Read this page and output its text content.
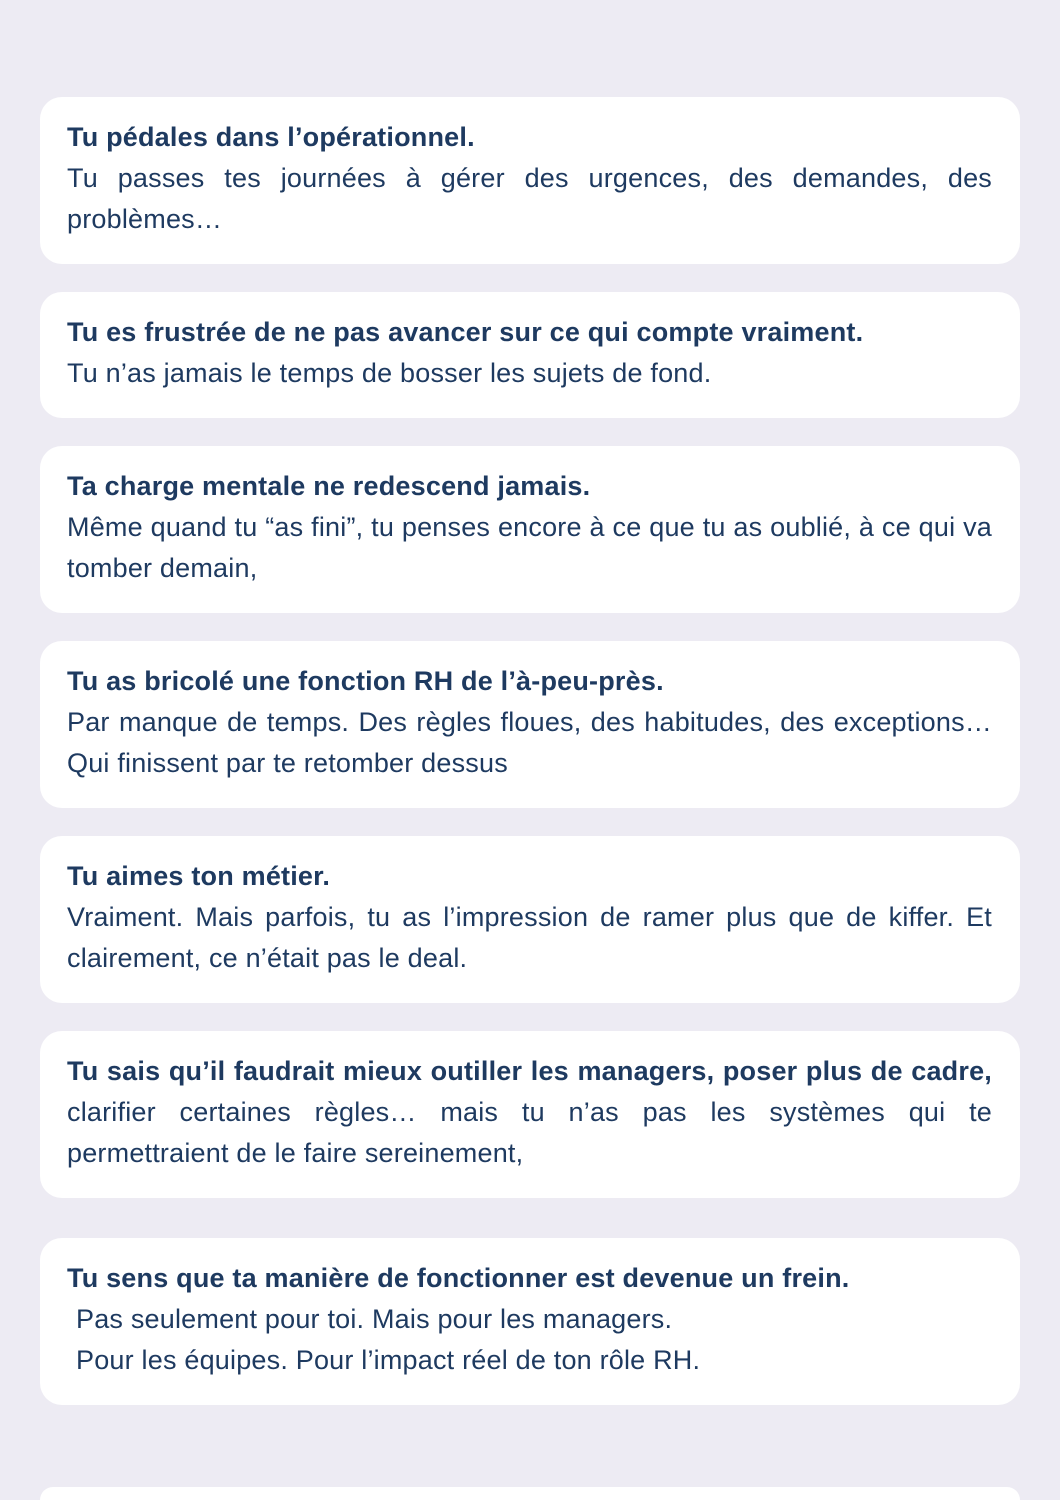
Tu pédales dans l’opérationnel.

Tu passes tes journées à gérer des urgences, des demandes, des problèmes…

Tu es frustrée de ne pas avancer sur ce qui compte vraiment.

Tu n’as jamais le temps de bosser les sujets de fond.

Ta charge mentale ne redescend jamais.

Même quand tu “as fini”, tu penses encore à ce que tu as oublié, à ce qui va tomber demain,

Tu as bricolé une fonction RH de l’à-peu-près.

Par manque de temps. Des règles floues, des habitudes, des exceptions…Qui finissent par te retomber dessus

Tu aimes ton métier.

Vraiment. Mais parfois, tu as l’impression de ramer plus que de kiffer. Et clairement, ce n’était pas le deal.

Tu sais qu’il faudrait mieux outiller les managers, poser plus de cadre, clarifier certaines règles… mais tu n’as pas les systèmes qui te permettraient de le faire sereinement,

Tu sens que ta manière de fonctionner est devenue un frein.

Pas seulement pour toi. Mais pour les managers.

Pour les équipes. Pour l’impact réel de ton rôle RH.
